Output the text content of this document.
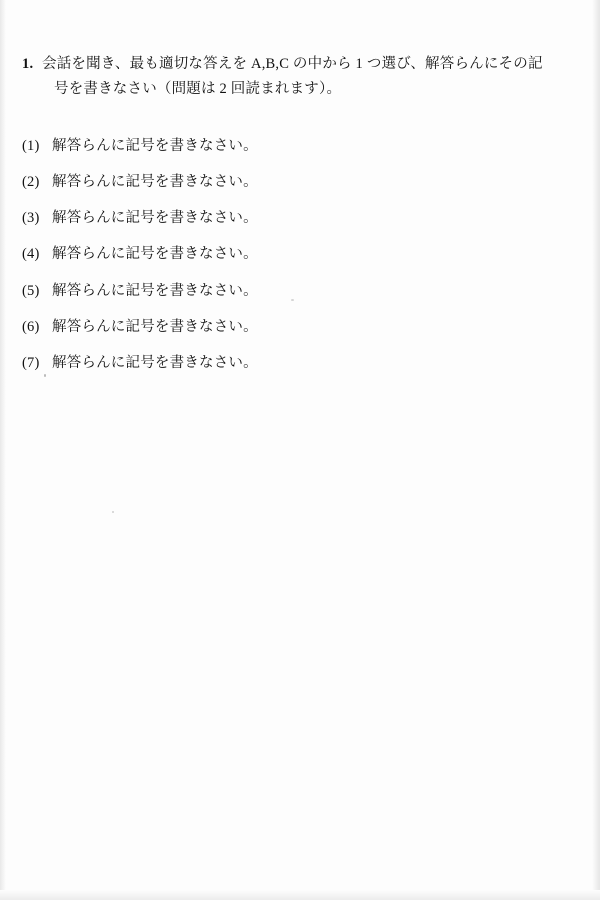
1. 会話を聞き、最も適切な答えを A,B,C の中から 1 つ選び、解答らんにその記
号を書きなさい（問題は 2 回読まれます）。
(1) 解答らんに記号を書きなさい。
(2) 解答らんに記号を書きなさい。
(3) 解答らんに記号を書きなさい。
(4) 解答らんに記号を書きなさい。
(5) 解答らんに記号を書きなさい。
(6) 解答らんに記号を書きなさい。
(7) 解答らんに記号を書きなさい。
